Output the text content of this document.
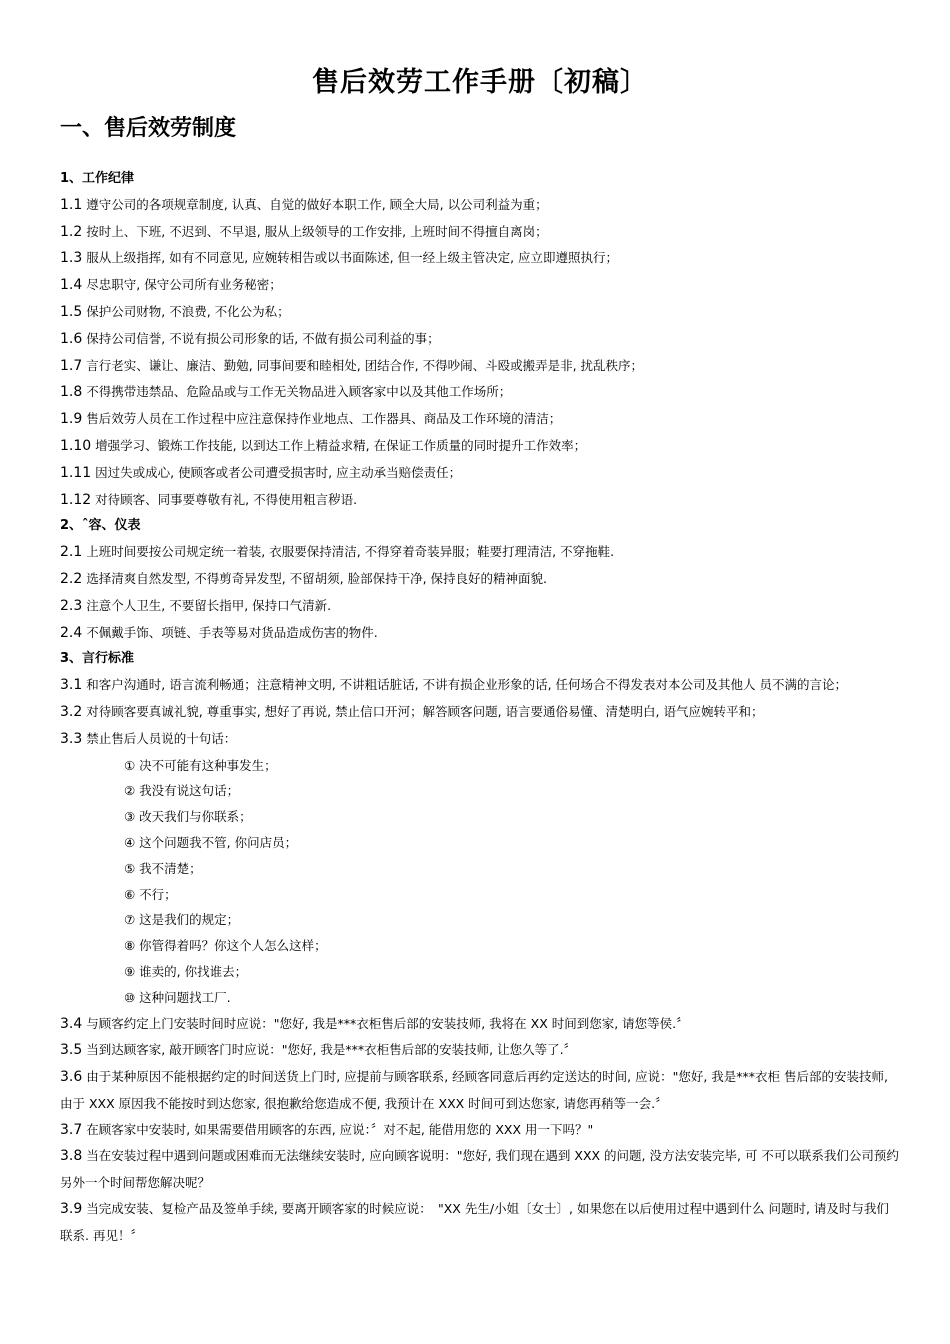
售后效劳工作手册〔初稿〕
一、售后效劳制度
1、工作纪律
1.1 遵守公司的各项规章制度, 认真、自觉的做好本职工作, 顾全大局, 以公司利益为重；
1.2 按时上、下班, 不迟到、不早退, 服从上级领导的工作安排, 上班时间不得擅自离岗；
1.3 服从上级指挥, 如有不同意见, 应婉转相告或以书面陈述, 但一经上级主管决定, 应立即遵照执行；
1.4 尽忠职守, 保守公司所有业务秘密；
1.5 保护公司财物, 不浪费, 不化公为私；
1.6 保持公司信誉, 不说有损公司形象的话, 不做有损公司利益的事；
1.7 言行老实、谦让、廉洁、勤勉, 同事间要和睦相处, 团结合作, 不得吵闹、斗殴或搬弄是非, 扰乱秩序；
1.8 不得携带违禁品、危险品或与工作无关物品进入顾客家中以及其他工作场所；
1.9 售后效劳人员在工作过程中应注意保持作业地点、工作器具、商品及工作环境的清洁；
1.10 增强学习、锻炼工作技能, 以到达工作上精益求精, 在保证工作质量的同时提升工作效率；
1.11 因过失或成心, 使顾客或者公司遭受损害时, 应主动承当赔偿责任；
1.12 对待顾客、同事要尊敬有礼, 不得使用粗言秽语.
2、ˆ容、仪表
2.1 上班时间要按公司规定统一着装, 衣服要保持清洁, 不得穿着奇装异服；鞋要打理清洁, 不穿拖鞋.
2.2 选择清爽自然发型, 不得剪奇异发型, 不留胡须, 脸部保持干净, 保持良好的精神面貌.
2.3 注意个人卫生, 不要留长指甲, 保持口气清新.
2.4 不佩戴手饰、项链、手表等易对货品造成伤害的物件.
3、言行标准
3.1 和客户沟通时, 语言流利畅通；注意精神文明, 不讲粗话脏话, 不讲有损企业形象的话, 任何场合不得发表对本公司及其他人 员不满的言论；
3.2 对待顾客要真诚礼貌, 尊重事实, 想好了再说, 禁止信口开河；解答顾客问题, 语言要通俗易懂、清楚明白, 语气应婉转平和；
3.3 禁止售后人员说的十句话：
① 决不可能有这种事发生；
② 我没有说这句话；
③ 改天我们与你联系；
④ 这个问题我不管, 你问店员；
⑤ 我不清楚；
⑥ 不行；
⑦ 这是我们的规定；
⑧ 你管得着吗？你这个人怎么这样；
⑨ 谁卖的, 你找谁去；
⑩ 这种问题找工厂.
3.4 与顾客约定上门安装时间时应说："您好, 我是***衣柜售后部的安装技师, 我将在 XX 时间到您家, 请您等侯.〞
3.5 当到达顾客家, 敲开顾客门时应说："您好, 我是***衣柜售后部的安装技师, 让您久等了.〞
3.6 由于某种原因不能根据约定的时间送货上门时, 应提前与顾客联系, 经顾客同意后再约定送达的时间, 应说："您好, 我是***衣柜 售后部的安装技师, 由于 XXX 原因我不能按时到达您家, 很抱歉给您造成不便, 我预计在 XXX 时间可到达您家, 请您再稍等一会.〞
3.7 在顾客家中安装时, 如果需要借用顾客的东西, 应说：〞对不起, 能借用您的 XXX 用一下吗？"
3.8 当在安装过程中遇到问题或困难而无法继续安装时, 应向顾客说明："您好, 我们现在遇到 XXX 的问题, 没方法安装完毕, 可 不可以联系我们公司预约另外一个时间帮您解决呢？
3.9 当完成安装、复检产品及签单手续, 要离开顾客家的时候应说：　"XX 先生/小姐〔女士〕, 如果您在以后使用过程中遇到什么 问题时, 请及时与我们联系. 再见！〞
